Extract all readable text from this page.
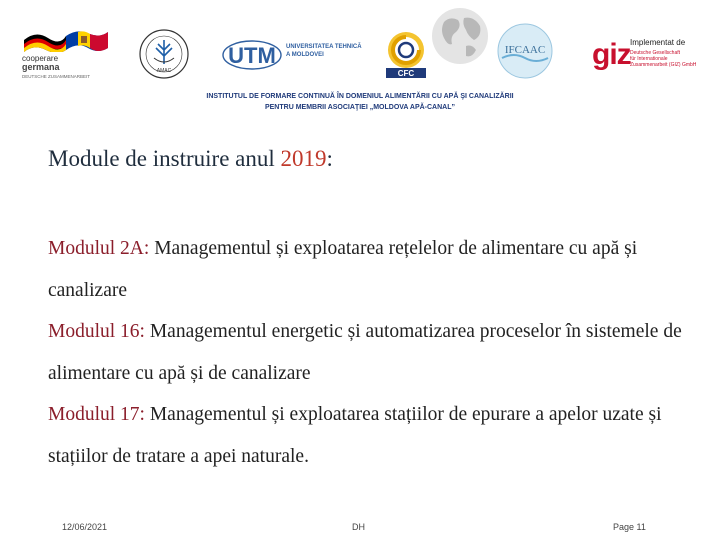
cooperare
germana
DEUTSCHE ZUSAMMENARBEIT
AMAC
UTM UNIVERSITATEA TEHNICĂ
A MOLDOVEI
CFC
IFCAAC giz Implementat de
Deutsche Gesellschaft
für Internationale
Zusammenarbeit (GIZ) GmbH
INSTITUTUL DE FORMARE CONTINUĂ ÎN DOMENIUL ALIMENTĂRII CU APĂ ŞI CANALIZĂRII
PENTRU MEMBRII ASOCIAŢIEI „MOLDOVA APĂ-CANAL”
Module de instruire anul 2019:

Modulul 2A: Managementul și exploatarea rețelelor de alimentare cu apă și canalizare

Modulul 16: Managementul energetic și automatizarea proceselor în sistemele de alimentare cu apă și de canalizare

Modulul 17: Managementul și exploatarea stațiilor de epurare a apelor uzate și stațiilor de tratare a apei naturale.

12/06/2021	DH	Page 11
